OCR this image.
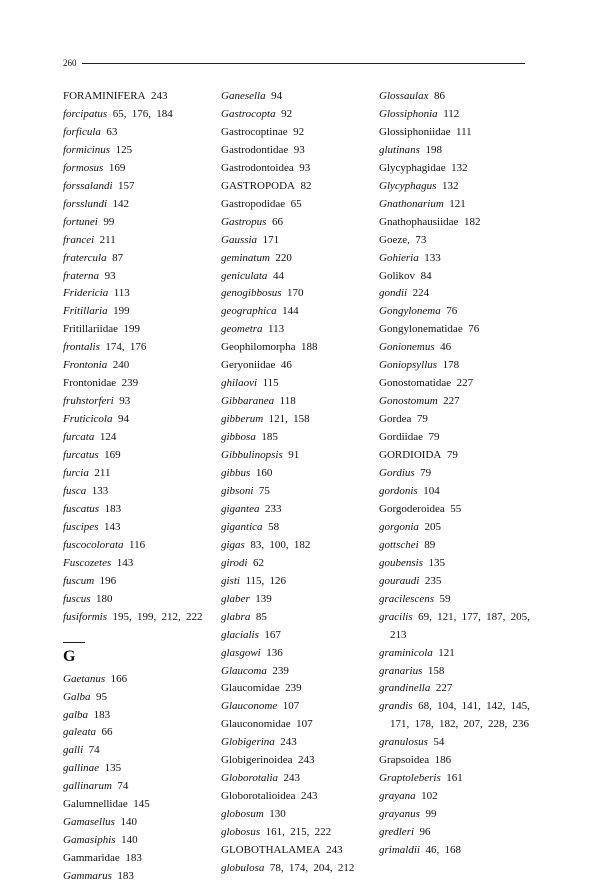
260
FORAMINIFERA  243
forcipatus  65, 176, 184
forficula  63
formicinus  125
formosus  169
forssalandi  157
forsslundi  142
fortunei  99
francei  211
fratercula  87
fraterna  93
Fridericia  113
Fritillaria  199
Fritillariidae  199
frontalis  174, 176
Frontonia  240
Frontonidae  239
fruhstorferi  93
Fruticicola  94
furcata  124
furcatus  169
furcia  211
fusca  133
fuscatus  183
fuscipes  143
fuscocolorata  116
Fuscozetes  143
fuscum  196
fuscus  180
fusiformis  195, 199, 212, 222
G
Gaetanus  166
Galba  95
galba  183
galeata  66
galli  74
gallinae  135
gallinarum  74
Galumnellidae  145
Gamasellus  140
Gamasiphis  140
Gammaridae  183
Gammarus  183
Ganesella  94
Gastrocopta  92
Gastrocoptinae  92
Gastrodontidae  93
Gastrodontoidea  93
GASTROPODA  82
Gastropodidae  65
Gastropus  66
Gaussia  171
geminatum  220
geniculata  44
genogibbosus  170
geographica  144
geometra  113
Geophilomorpha  188
Geryoniidae  46
ghilaovi  115
Gibbaranea  118
gibberum  121, 158
gibbosa  185
Gibbulinopsis  91
gibbus  160
gibsoni  75
gigantea  233
gigantica  58
gigas  83, 100, 182
girodi  62
gisti  115, 126
glaber  139
glabra  85
glacialis  167
glasgowi  136
Glaucoma  239
Glaucomidae  239
Glauconome  107
Glauconomidae  107
Globigerina  243
Globigerinoidea  243
Globorotalia  243
Globorotalioidea  243
globosum  130
globosus  161, 215, 222
GLOBOTHALAMEA  243
globulosa  78, 174, 204, 212
Glossaulax  86
Glossiphonia  112
Glossiphoniidae  111
glutinans  198
Glycyphagidae  132
Glycyphagus  132
Gnathonarium  121
Gnathophausiidae  182
Goeze,  73
Gohieria  133
Golikov  84
gondii  224
Gongylonema  76
Gongylonematidae  76
Gonionemus  46
Goniopsyllus  178
Gonostomatidae  227
Gonostomum  227
Gordea  79
Gordiidae  79
GORDIOIDA  79
Gordius  79
gordonis  104
Gorgoderoidea  55
gorgonia  205
gottschei  89
goubensis  135
gouraudi  235
gracilescens  59
gracilis  69, 121, 177, 187, 205, 213
graminicola  121
granarius  158
grandinella  227
grandis  68, 104, 141, 142, 145, 171, 178, 182, 207, 228, 236
granulosus  54
Grapsoidea  186
Graptoleberis  161
grayana  102
grayanus  99
gredleri  96
grimaldii  46, 168
